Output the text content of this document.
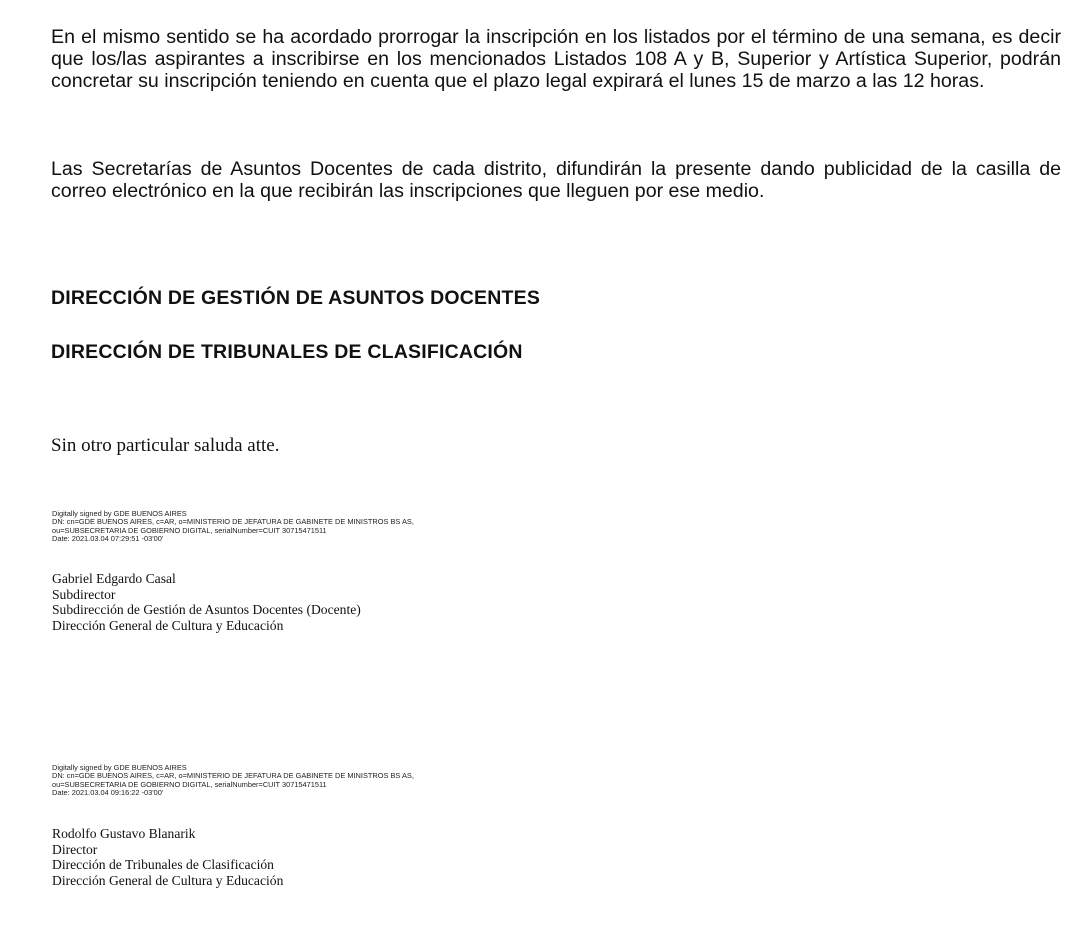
En el mismo sentido se ha acordado prorrogar la inscripción en los listados por el término de una semana, es decir que los/las aspirantes a inscribirse en los mencionados Listados 108 A y B, Superior y Artística Superior, podrán concretar su inscripción teniendo en cuenta que el plazo legal expirará el lunes 15 de marzo a las 12 horas.

Las Secretarías de Asuntos Docentes de cada distrito, difundirán la presente dando publicidad de la casilla de correo electrónico en la que recibirán las inscripciones que lleguen por ese medio.

DIRECCIÓN DE GESTIÓN DE ASUNTOS DOCENTES

DIRECCIÓN DE TRIBUNALES DE CLASIFICACIÓN

Sin otro particular saluda atte.

Digitally signed by GDE BUENOS AIRES
DN: cn=GDE BUENOS AIRES, c=AR, o=MINISTERIO DE JEFATURA DE GABINETE DE MINISTROS BS AS,
ou=SUBSECRETARIA DE GOBIERNO DIGITAL, serialNumber=CUIT 30715471511
Date: 2021.03.04 07:29:51 -03'00'
Gabriel Edgardo Casal
Subdirector
Subdirección de Gestión de Asuntos Docentes (Docente)
Dirección General de Cultura y Educación
Digitally signed by GDE BUENOS AIRES
DN: cn=GDE BUENOS AIRES, c=AR, o=MINISTERIO DE JEFATURA DE GABINETE DE MINISTROS BS AS,
ou=SUBSECRETARIA DE GOBIERNO DIGITAL, serialNumber=CUIT 30715471511
Date: 2021.03.04 09:16:22 -03'00'
Rodolfo Gustavo Blanarik
Director
Dirección de Tribunales de Clasificación
Dirección General de Cultura y Educación
